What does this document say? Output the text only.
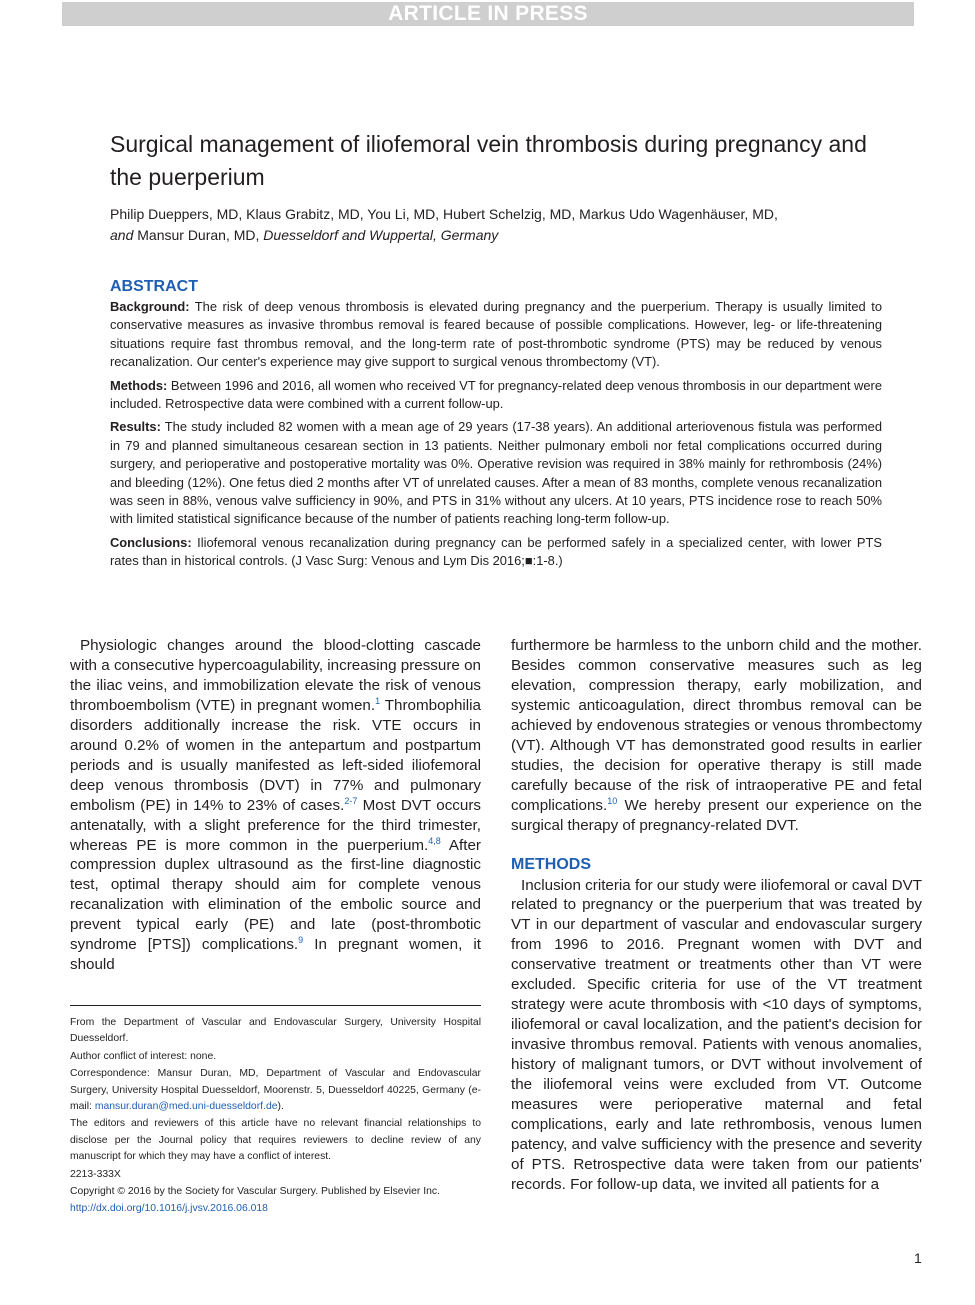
ARTICLE IN PRESS
Surgical management of iliofemoral vein thrombosis during pregnancy and the puerperium
Philip Dueppers, MD, Klaus Grabitz, MD, You Li, MD, Hubert Schelzig, MD, Markus Udo Wagenhäuser, MD,
and Mansur Duran, MD, Duesseldorf and Wuppertal, Germany
ABSTRACT

Background: The risk of deep venous thrombosis is elevated during pregnancy and the puerperium. Therapy is usually limited to conservative measures as invasive thrombus removal is feared because of possible complications. However, leg- or life-threatening situations require fast thrombus removal, and the long-term rate of post-thrombotic syndrome (PTS) may be reduced by venous recanalization. Our center's experience may give support to surgical venous thrombectomy (VT).

Methods: Between 1996 and 2016, all women who received VT for pregnancy-related deep venous thrombosis in our department were included. Retrospective data were combined with a current follow-up.

Results: The study included 82 women with a mean age of 29 years (17-38 years). An additional arteriovenous fistula was performed in 79 and planned simultaneous cesarean section in 13 patients. Neither pulmonary emboli nor fetal complications occurred during surgery, and perioperative and postoperative mortality was 0%. Operative revision was required in 38% mainly for rethrombosis (24%) and bleeding (12%). One fetus died 2 months after VT of unrelated causes. After a mean of 83 months, complete venous recanalization was seen in 88%, venous valve sufficiency in 90%, and PTS in 31% without any ulcers. At 10 years, PTS incidence rose to reach 50% with limited statistical significance because of the number of patients reaching long-term follow-up.

Conclusions: Iliofemoral venous recanalization during pregnancy can be performed safely in a specialized center, with lower PTS rates than in historical controls. (J Vasc Surg: Venous and Lym Dis 2016;■:1-8.)

Physiologic changes around the blood-clotting cascade with a consecutive hypercoagulability, increasing pressure on the iliac veins, and immobilization elevate the risk of venous thromboembolism (VTE) in pregnant women.$^1$ Thrombophilia disorders additionally increase the risk. VTE occurs in around 0.2% of women in the antepartum and postpartum periods and is usually manifested as left-sided iliofemoral deep venous thrombosis (DVT) in 77% and pulmonary embolism (PE) in 14% to 23% of cases.$^{2-7}$ Most DVT occurs antenatally, with a slight preference for the third trimester, whereas PE is more common in the puerperium.$^{4,8}$ After compression duplex ultrasound as the first-line diagnostic test, optimal therapy should aim for complete venous recanalization with elimination of the embolic source and prevent typical early (PE) and late (post-thrombotic syndrome [PTS]) complications.$^9$ In pregnant women, it should

From the Department of Vascular and Endovascular Surgery, University Hospital Duesseldorf.

Author conflict of interest: none.

Correspondence: Mansur Duran, MD, Department of Vascular and Endovascular Surgery, University Hospital Duesseldorf, Moorenstr. 5, Duesseldorf 40225, Germany (e-mail: mansur.duran@med.uni-duesseldorf.de).

The editors and reviewers of this article have no relevant financial relationships to disclose per the Journal policy that requires reviewers to decline review of any manuscript for which they may have a conflict of interest.

2213-333X

Copyright © 2016 by the Society for Vascular Surgery. Published by Elsevier Inc.

http://dx.doi.org/10.1016/j.jvsv.2016.06.018

furthermore be harmless to the unborn child and the mother. Besides common conservative measures such as leg elevation, compression therapy, early mobilization, and systemic anticoagulation, direct thrombus removal can be achieved by endovenous strategies or venous thrombectomy (VT). Although VT has demonstrated good results in earlier studies, the decision for operative therapy is still made carefully because of the risk of intraoperative PE and fetal complications.$^{10}$ We hereby present our experience on the surgical therapy of pregnancy-related DVT.

METHODS

Inclusion criteria for our study were iliofemoral or caval DVT related to pregnancy or the puerperium that was treated by VT in our department of vascular and endovascular surgery from 1996 to 2016. Pregnant women with DVT and conservative treatment or treatments other than VT were excluded. Specific criteria for use of the VT treatment strategy were acute thrombosis with <10 days of symptoms, iliofemoral or caval localization, and the patient's decision for invasive thrombus removal. Patients with venous anomalies, history of malignant tumors, or DVT without involvement of the iliofemoral veins were excluded from VT. Outcome measures were perioperative maternal and fetal complications, early and late rethrombosis, venous lumen patency, and valve sufficiency with the presence and severity of PTS. Retrospective data were taken from our patients' records. For follow-up data, we invited all patients for a

1
